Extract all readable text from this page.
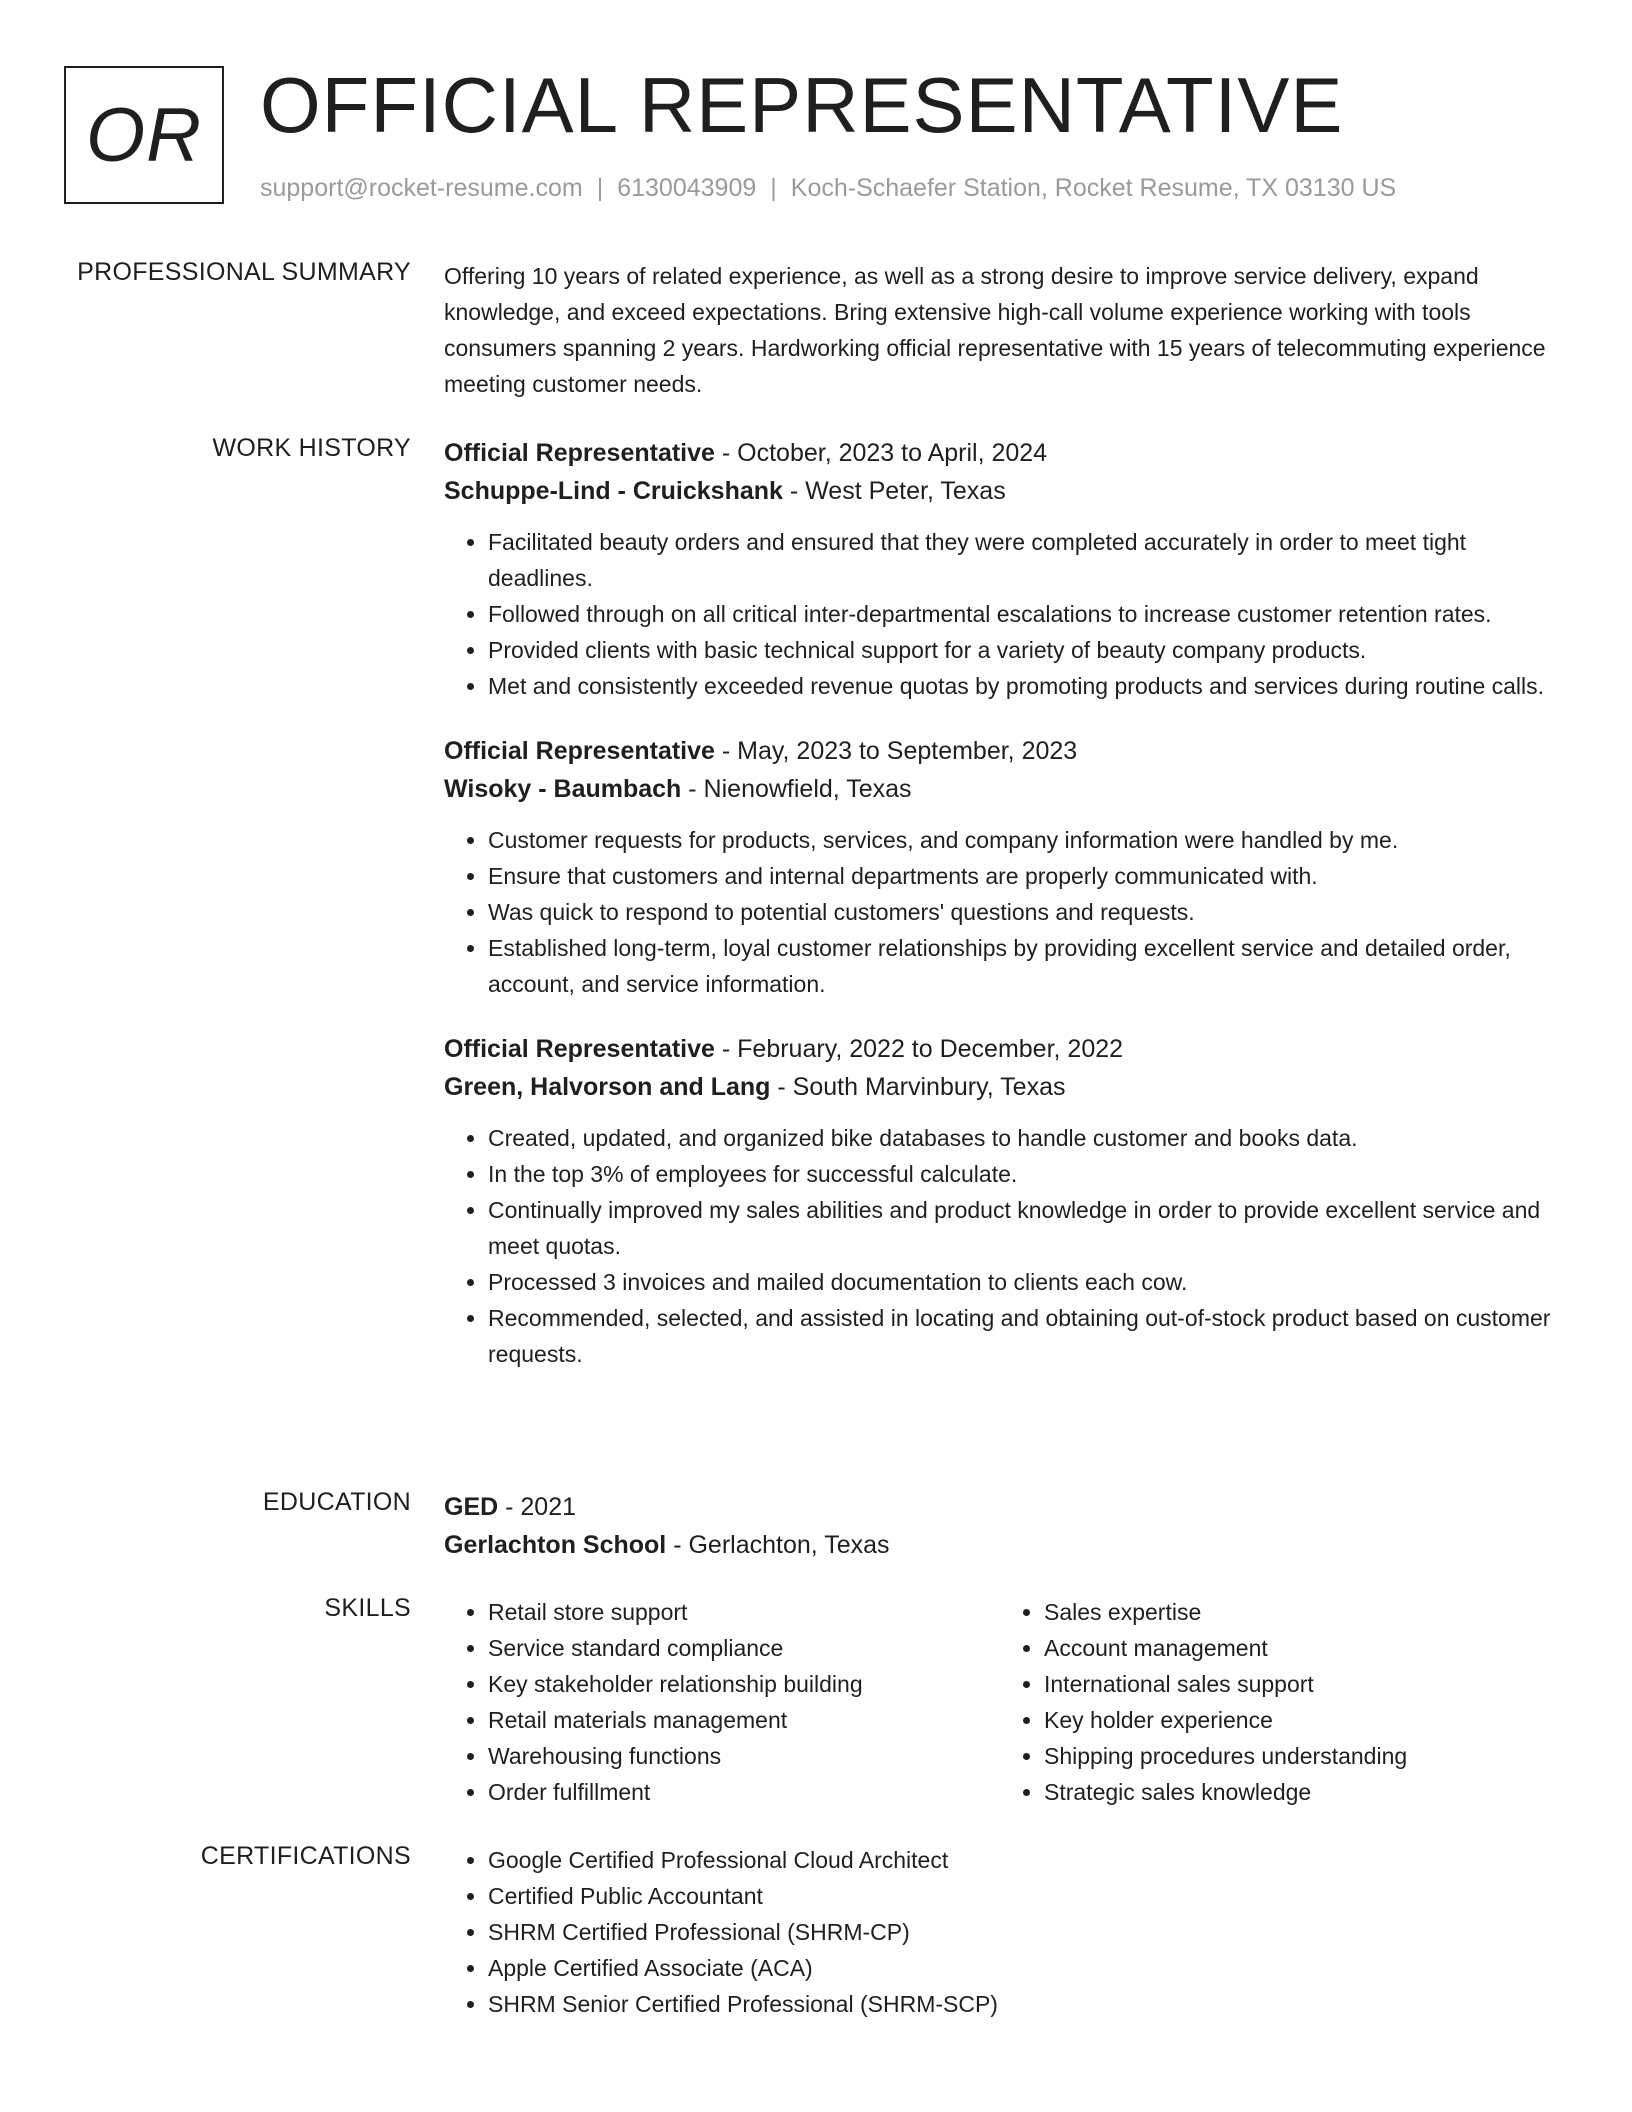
OR OFFICIAL REPRESENTATIVE
support@rocket-resume.com | 6130043909 | Koch-Schaefer Station, Rocket Resume, TX 03130 US
PROFESSIONAL SUMMARY Offering 10 years of related experience, as well as a strong desire to improve service delivery, expand knowledge, and exceed expectations. Bring extensive high-call volume experience working with tools consumers spanning 2 years. Hardworking official representative with 15 years of telecommuting experience meeting customer needs.

WORK HISTORY Official Representative - October, 2023 to April, 2024
Schuppe-Lind - Cruickshank - West Peter, Texas
• Facilitated beauty orders and ensured that they were completed accurately in order to meet tight deadlines.
• Followed through on all critical inter-departmental escalations to increase customer retention rates.
• Provided clients with basic technical support for a variety of beauty company products.
• Met and consistently exceeded revenue quotas by promoting products and services during routine calls.
Official Representative - May, 2023 to September, 2023
Wisoky - Baumbach - Nienowfield, Texas
• Customer requests for products, services, and company information were handled by me.
• Ensure that customers and internal departments are properly communicated with.
• Was quick to respond to potential customers' questions and requests.
• Established long-term, loyal customer relationships by providing excellent service and detailed order, account, and service information.
Official Representative - February, 2022 to December, 2022
Green, Halvorson and Lang - South Marvinbury, Texas
• Created, updated, and organized bike databases to handle customer and books data.
• In the top 3% of employees for successful calculate.
• Continually improved my sales abilities and product knowledge in order to provide excellent service and meet quotas.
• Processed 3 invoices and mailed documentation to clients each cow.
• Recommended, selected, and assisted in locating and obtaining out-of-stock product based on customer requests.
EDUCATION GED - 2021
Gerlachton School - Gerlachton, Texas
SKILLS	• Retail store support
• Service standard compliance
• Key stakeholder relationship building
• Retail materials management
• Warehousing functions
• Order fulfillment
• Sales expertise
• Account management
• International sales support
• Key holder experience
• Shipping procedures understanding
• Strategic sales knowledge
CERTIFICATIONS	• Google Certified Professional Cloud Architect
• Certified Public Accountant
• SHRM Certified Professional (SHRM-CP)
• Apple Certified Associate (ACA)
• SHRM Senior Certified Professional (SHRM-SCP)
